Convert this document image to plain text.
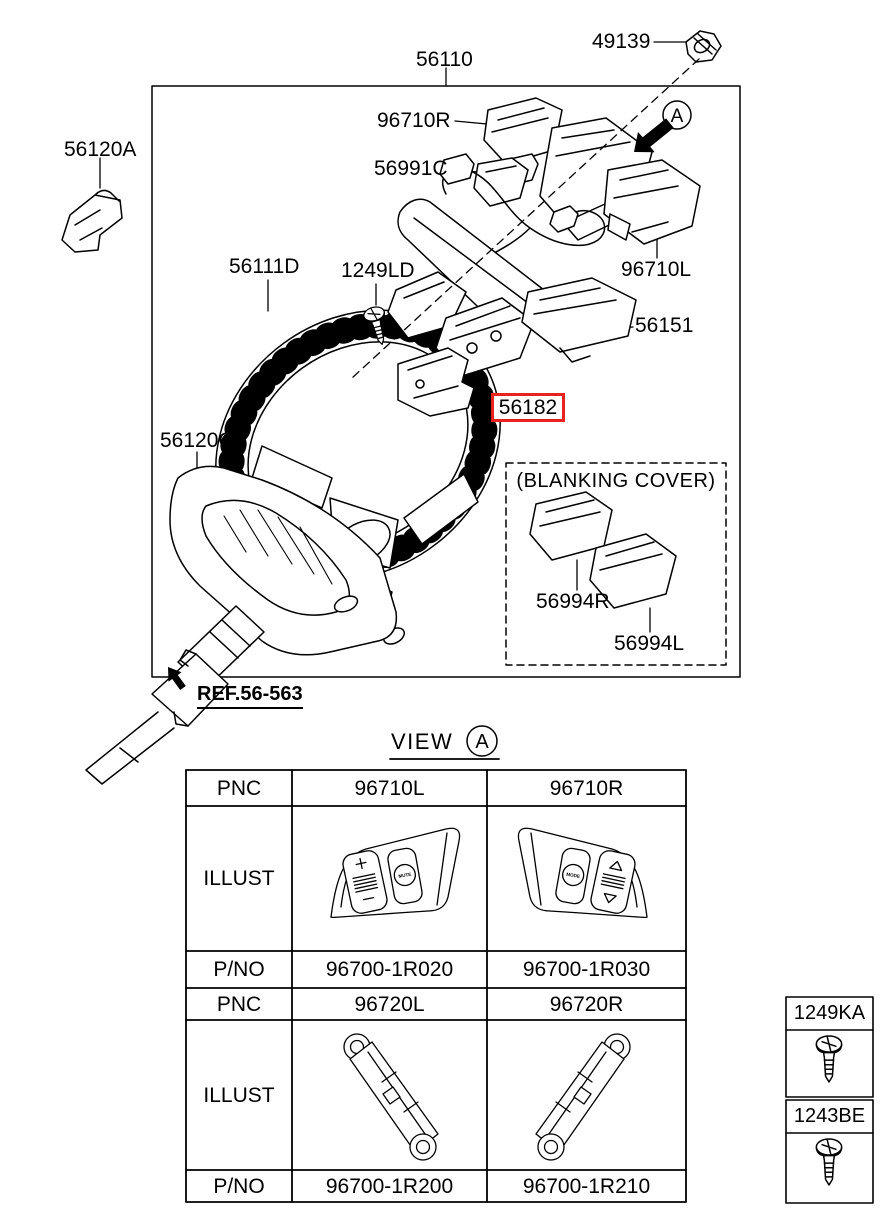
A
A
MUTE	MODE
56110
49139
96710R
56991C
96710L
56111D 1249LD
56151
56120A
56120C
56182
(BLANKING COVER)
56994R
56994L
REF.56-563
VIEW
PNC	96710L	96710R
ILLUST
P/NO	96700-1R020	96700-1R030
PNC	96720L	96720R
ILLUST
P/NO	96700-1R200	96700-1R210
1249KA
1243BE
